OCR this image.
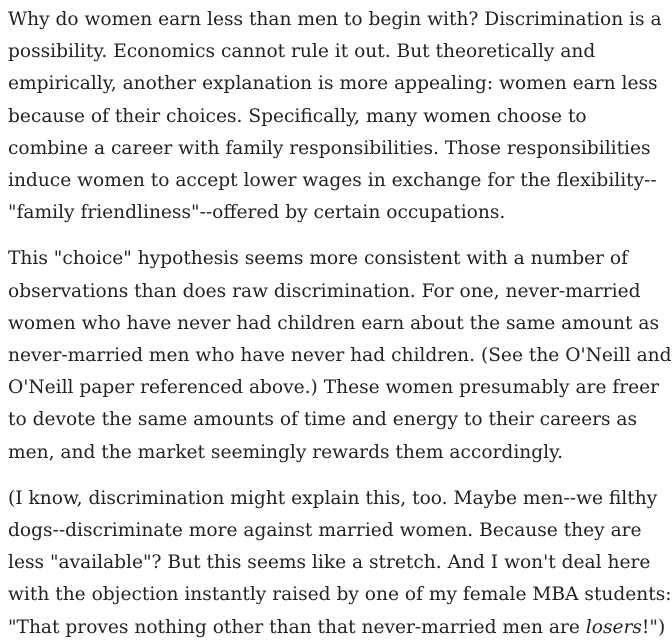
Why do women earn less than men to begin with? Discrimination is a possibility. Economics cannot rule it out. But theoretically and empirically, another explanation is more appealing: women earn less because of their choices. Specifically, many women choose to combine a career with family responsibilities. Those responsibilities induce women to accept lower wages in exchange for the flexibility--"family friendliness"--offered by certain occupations.

This "choice" hypothesis seems more consistent with a number of observations than does raw discrimination. For one, never-married women who have never had children earn about the same amount as never-married men who have never had children. (See the O'Neill and O'Neill paper referenced above.) These women presumably are freer to devote the same amounts of time and energy to their careers as men, and the market seemingly rewards them accordingly.

(I know, discrimination might explain this, too. Maybe men--we filthy dogs--discriminate more against married women. Because they are less "available"? But this seems like a stretch. And I won't deal here with the objection instantly raised by one of my female MBA students: "That proves nothing other than that never-married men are losers!")
